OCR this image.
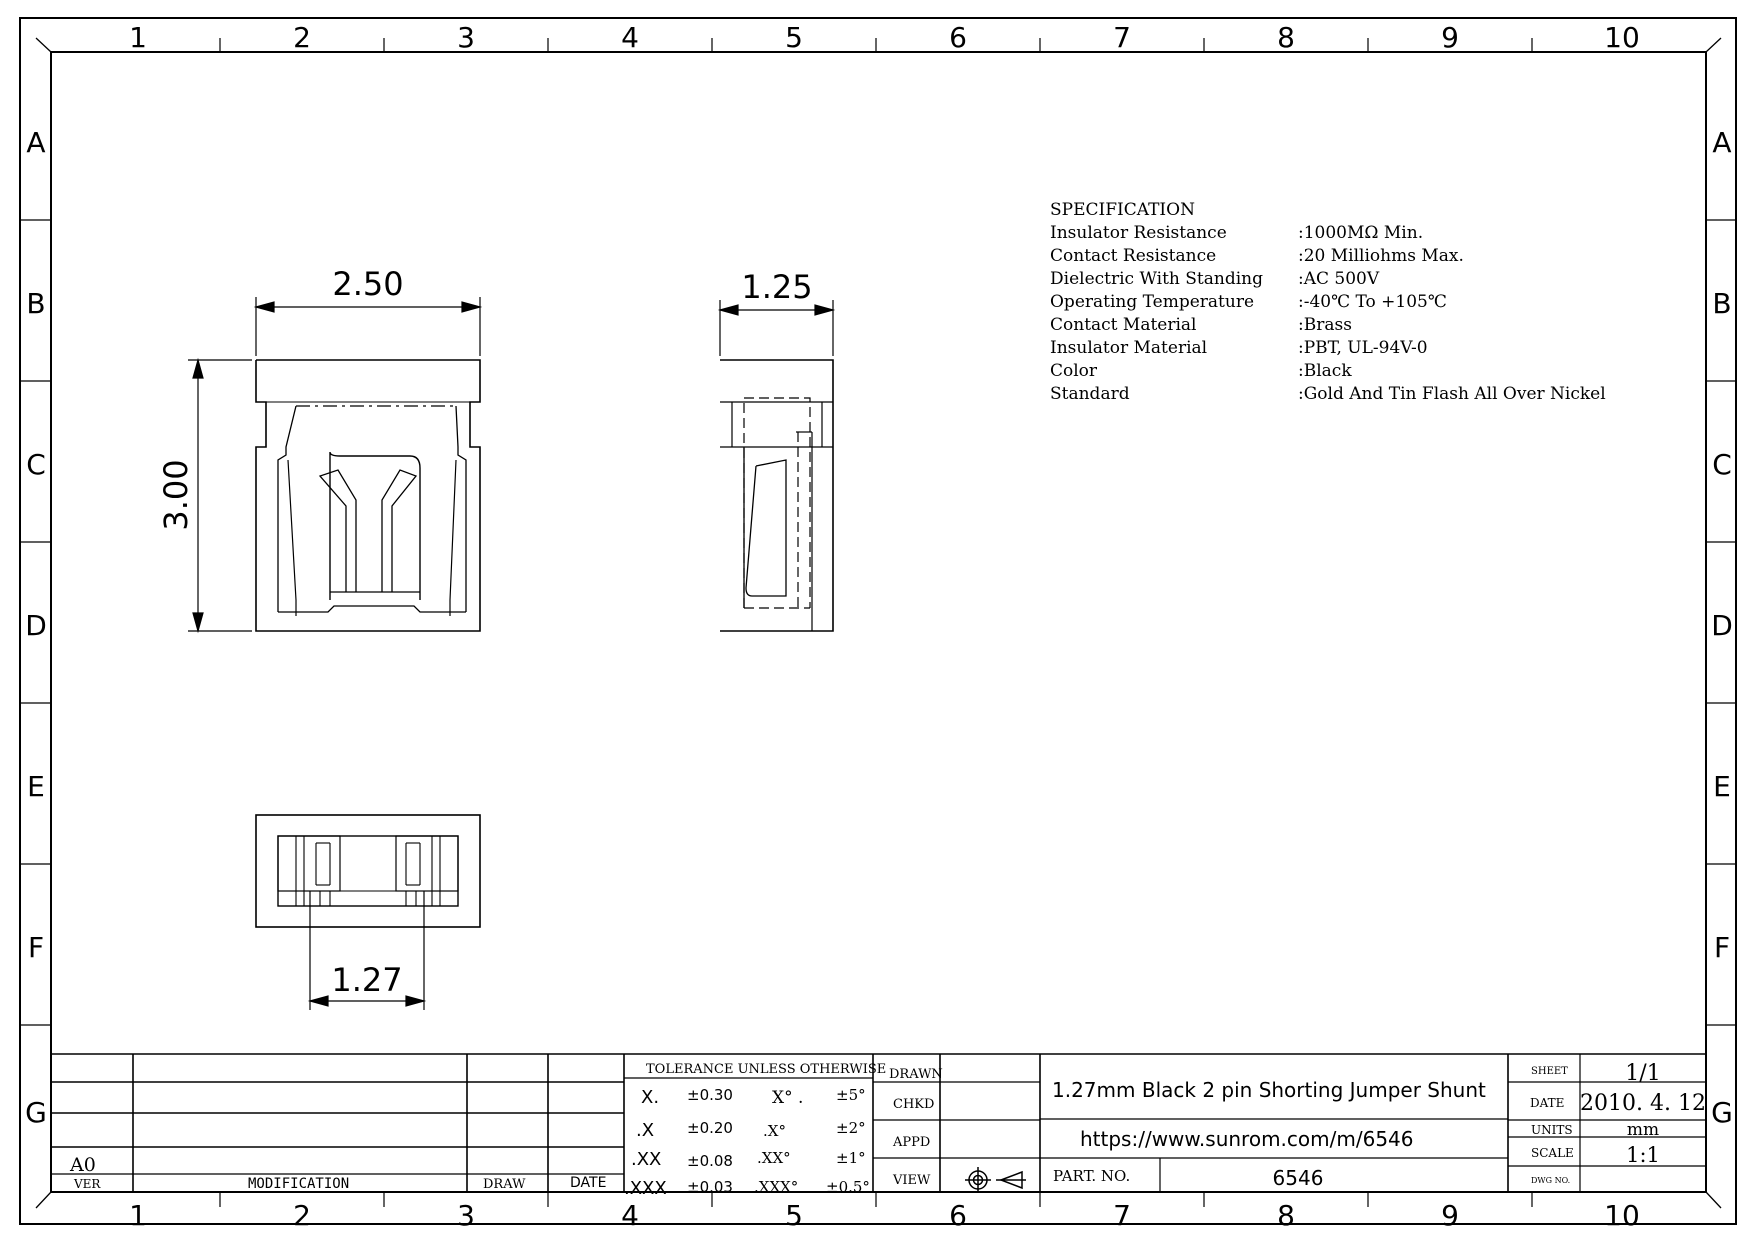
1	2	3	4	5	6	7	8	9	10
1	2	3	4	5	6	7	8	9	10
A
B
C
D
E
F
G
A
B
C
D
E
F
G
2.50
3.00
1.25
1.27
SPECIFICATION
Insulator Resistance	:1000MΩ Min.
Contact Resistance	:20 Milliohms Max.
Dielectric With Standing :AC 500V
Operating Temperature	:-40℃ To +105℃
Contact Material	:Brass
Insulator Material	:PBT, UL-94V-0
Color	:Black
Standard	:Gold And Tin Flash All Over Nickel
A0
VER	MODIFICATION	DRAW	DATE
TOLERANCE UNLESS OTHERWISE
X. ±0.30 X° . ±5°
.X ±0.20 .X°	±2°
.XX ±0.08 .XX°	±1°
.XXX ±0.03 .XXX° ±0.5°
DRAWN
CHKD
APPD
VIEW
1.27mm Black 2 pin Shorting Jumper Shunt
https://www.sunrom.com/m/6546
PART. NO.	6546
SHEET	1/1
DATE 2010. 4. 12
UNITS	mm
SCALE 1:1
DWG NO.
